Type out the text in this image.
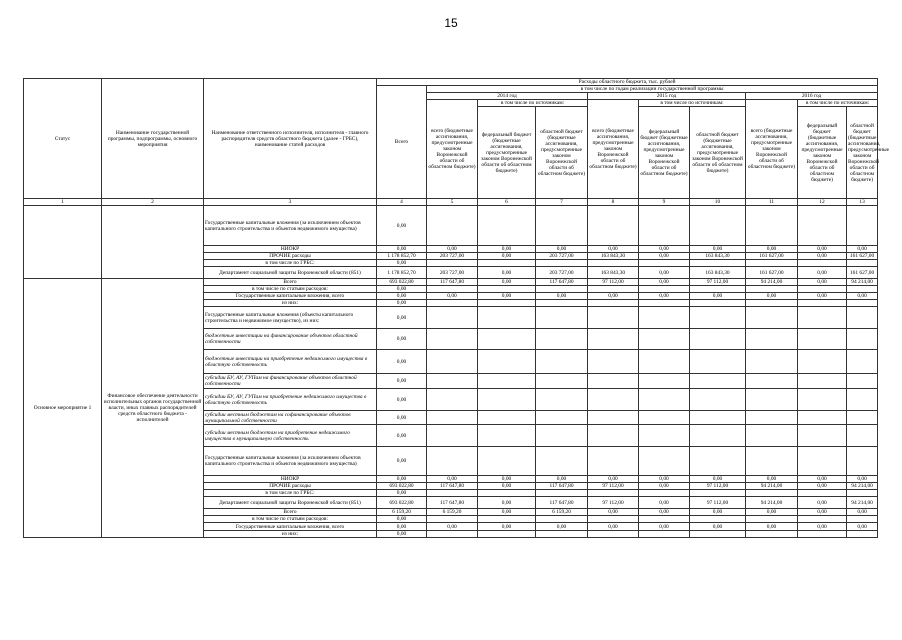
15
Статус	Наименование государственной программы, подпрограммы, основного мероприятия	Наименование ответственного исполнителя, исполнителя - главного распорядителя средств областного бюджета (далее - ГРБС), наименование статей расходов	Расходы областного бюджета, тыс. рублей									
			Всего	в том числе по годам реализации государственной программы								
				2014 год			2015 год			2016 год		
				всего (бюджетные ассигнования, предусмотренные законом Воронежской области об областном бюджете)	в том числе по источникам:		всего (бюджетные ассигнования, предусмотренные законом Воронежской области об областном бюджете)	в том числе по источникам:		всего (бюджетные ассигнования, предусмотренные законом Воронежской области об областном бюджете)	в том числе по источникам:	
					федеральный бюджет (бюджетные ассигнования, предусмотренные законом Воронежской области об областном бюджете)	областной бюджет (бюджетные ассигнования, предусмотренные законом Воронежской области об областном бюджете)		федеральный бюджет (бюджетные ассигнования, предусмотренные законом Воронежской области об областном бюджете)	областной бюджет (бюджетные ассигнования, предусмотренные законом Воронежской области об областном бюджете)		федеральный бюджет (бюджетные ассигнования, предусмотренные законом Воронежской области об областном бюджете)	областной бюджет (бюджетные ассигнования, предусмотренные законом Воронежской области об областном бюджете)
1	2	3	4	5	6	7	8	9	10	11	12	13
		Государственные капитальные вложения (за исключением объектов капитального строительства и объектов недвижимого имущества)	0,00									
		НИОКР	0,00	0,00	0,00	0,00	0,00	0,00	0,00	0,00	0,00	0,00
		ПРОЧИЕ расходы	1 178 852,70	203 727,00	0,00	203 727,00	163 843,30	0,00	163 843,30	161 627,00	0,00	161 627,00
		в том числе по ГРБС:	0,00									
		Департамент социальной защиты Воронежской области (851)	1 178 852,70	203 727,00	0,00	203 727,00	163 843,30	0,00	163 843,30	161 627,00	0,00	161 627,00
Основное мероприятие 1	Финансовое обеспечение деятельности исполнительных органов государственной власти, иных главных распорядителей средств областного бюджета - исполнителей	Всего	693 022,80	117 647,80	0,00	117 647,80	97 112,00	0,00	97 112,00	94 214,00	0,00	94 214,00
		в том числе по статьям расходов:	0,00									
		Государственные капитальные вложения, всего	0,00	0,00	0,00	0,00	0,00	0,00	0,00	0,00	0,00	0,00
		из них:	0,00									
		Государственные капитальные вложения (объекты капитального строительства и недвижимое имущество), из них:	0,00									
		бюджетные инвестиции на финансирование объектов областной собственности	0,00									
		бюджетные инвестиции на приобретение недвижимого имущества в областную собственность	0,00									
		субсидии БУ, АУ, ГУПам на финансирование объектов областной собственности	0,00									
		субсидии БУ, АУ, ГУПам на приобретение недвижимого имущества в областную собственность	0,00									
		субсидии местным бюджетам на софинансирование объектов муниципальной собственности	0,00									
		субсидии местным бюджетам на приобретение недвижимого имущества в муниципальную собственность	0,00									
		Государственные капитальные вложения (за исключением объектов капитального строительства и объектов недвижимого имущества)	0,00									
		НИОКР	0,00	0,00	0,00	0,00	0,00	0,00	0,00	0,00	0,00	0,00
		ПРОЧИЕ расходы	693 022,80	117 647,80	0,00	117 647,80	97 112,00	0,00	97 112,00	94 214,00	0,00	94 214,00
		в том числе по ГРБС:	0,00									
		Департамент социальной защиты Воронежской области (851)	693 022,80	117 647,80	0,00	117 647,80	97 112,00	0,00	97 112,00	94 214,00	0,00	94 214,00
		Всего	6 159,20	6 159,20	0,00	6 159,20	0,00	0,00	0,00	0,00	0,00	0,00
		в том числе по статьям расходов:	0,00									
		Государственные капитальные вложения, всего	0,00	0,00	0,00	0,00	0,00	0,00	0,00	0,00	0,00	0,00
		из них:	0,00									
